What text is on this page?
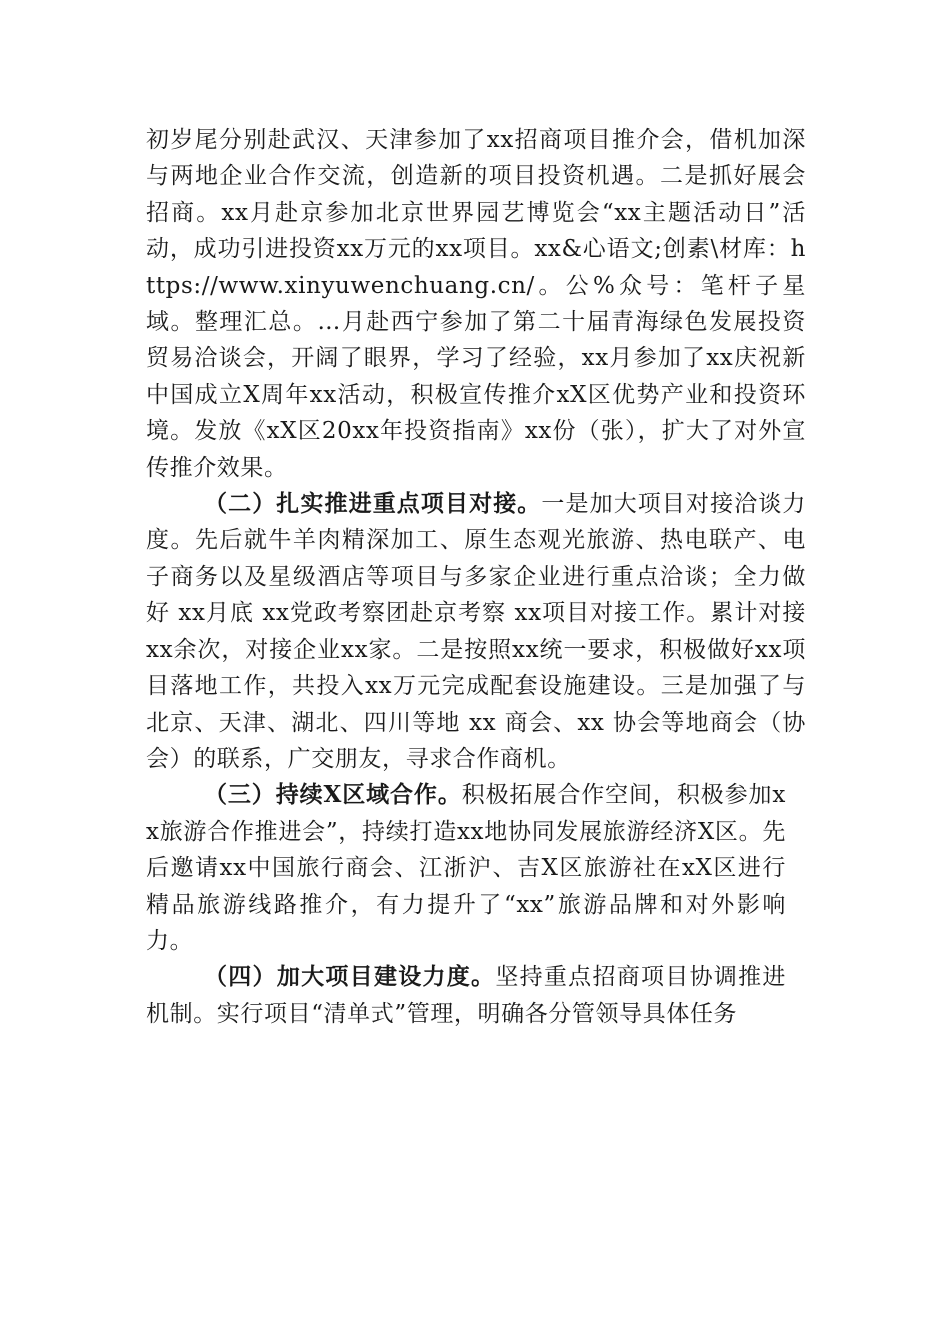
初岁尾分别赴武汉、天津参加了xx招商项目推介会，借机加深与两地企业合作交流，创造新的项目投资机遇。二是抓好展会招商。xx月赴京参加北京世界园艺博览会“xx主题活动日”活动，成功引进投资xx万元的xx项目。xx&心语文;创素\材库：https://www.xinyuwenchuang.cn/。公%众号：笔杆子星域。整理汇总。…月赴西宁参加了第二十届青海绿色发展投资贸易洽谈会，开阔了眼界，学习了经验，xx月参加了xx庆祝新中国成立X周年xx活动，积极宣传推介xX区优势产业和投资环境。发放《xX区20xx年投资指南》xx份（张），扩大了对外宣传推介效果。

（二）扎实推进重点项目对接。一是加大项目对接洽谈力度。先后就牛羊肉精深加工、原生态观光旅游、热电联产、电子商务以及星级酒店等项目与多家企业进行重点洽谈；全力做好 xx月底 xx党政考察团赴京考察 xx项目对接工作。累计对接xx余次，对接企业xx家。二是按照xx统一要求，积极做好xx项目落地工作，共投入xx万元完成配套设施建设。三是加强了与北京、天津、湖北、四川等地 xx 商会、xx 协会等地商会（协会）的联系，广交朋友，寻求合作商机。

（三）持续X区域合作。积极拓展合作空间，积极参加xx旅游合作推进会”，持续打造xx地协同发展旅游经济X区。先后邀请xx中国旅行商会、江浙沪、吉X区旅游社在xX区进行精品旅游线路推介，有力提升了“xx”旅游品牌和对外影响力。

（四）加大项目建设力度。坚持重点招商项目协调推进机制。实行项目“清单式”管理，明确各分管领导具体任务
